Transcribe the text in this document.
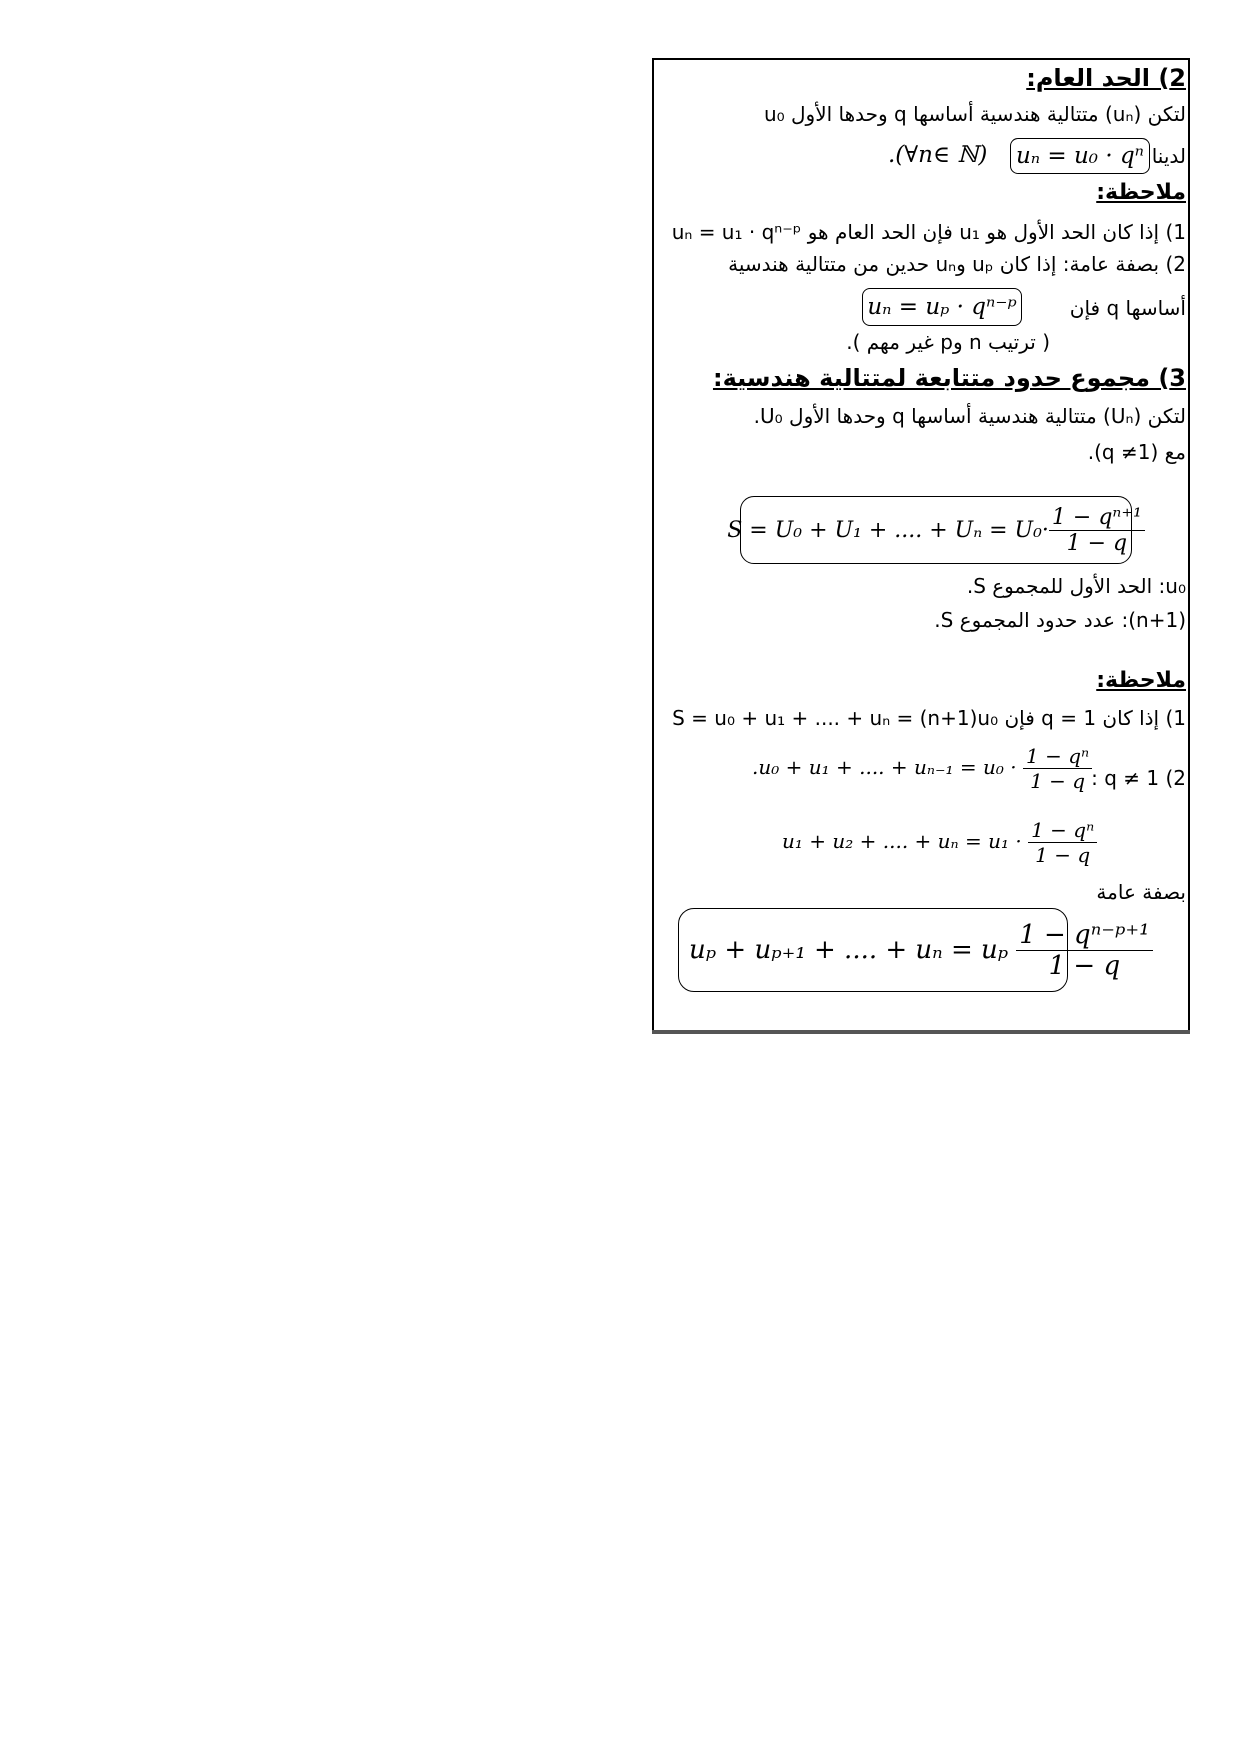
2) الحد العام:
لتكن (uₙ) متتالية هندسية أساسها q وحدها الأول u₀
لدينا
uₙ = u₀ · qⁿ
.(∀n∈ ℕ)
ملاحظة:
1) إذا كان الحد الأول هو u₁ فإن الحد العام هو uₙ = u₁ · qⁿ⁻ᵖ
2) بصفة عامة: إذا كان uₚ وuₙ حدين من متتالية هندسية
أساسها q فإن
uₙ = uₚ · qⁿ⁻ᵖ
( ترتيب n وp غير مهم ).
3) مجموع حدود متتابعة لمتتالية هندسية:
لتكن (Uₙ) متتالية هندسية أساسها q وحدها الأول U₀.
مع (q ≠1).
S = U₀ + U₁ + .... + $U_n = U_0\cdot \frac{\text{1 − qⁿ⁺¹}}{1 - q}$
u₀: الحد الأول للمجموع S.
(n+1): عدد حدود المجموع S.
ملاحظة:
1) إذا كان q = 1 فإن S = u₀ + u₁ + .... + uₙ = (n+1)u₀
2) q ≠ 1 :
.u₀ + u₁ + .... + $u_{n-1} = u_0 \cdot \frac{\text{1 − qⁿ}}{1 - q}$
u₁ + u₂ + .... + $u_n = u_1 \cdot \frac{\text{1 − qⁿ}}{1 - q}$
بصفة عامة
uₚ + uₚ₊₁ + .... + uₙ = uₚ $\frac{\text{1 − qⁿ⁻ᵖ⁺¹}}{1 - q}$
